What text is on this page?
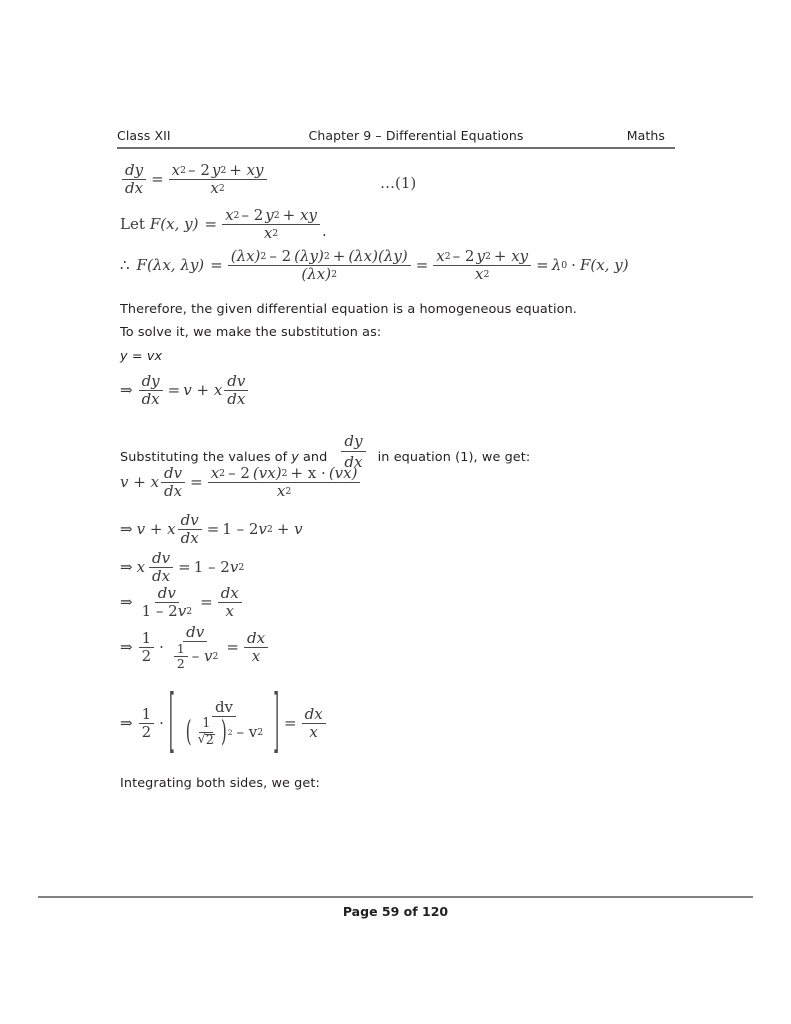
Class XII	Chapter 9 – Differential Equations	Maths
$\frac{dy}{dx} = \frac{x 2 - 2 y 2 + xy}{x 2}$	…(1)
Let F (x, $y) = \frac{x 2 - 2 y 2 + xy}{x 2}$ .
∴ F (λx, $\lambda y) = \frac{(\lambda x) 2 - 2 (\lambda y) 2 + (\lambda x)(\lambda y)}{(\lambda x) 2} = \frac{x 2 - 2 y 2 + xy}{x 2} = \lambda$ 0 · F (x, y)
Therefore, the given differential equation is a homogeneous equation.
To solve it, we make the substitution as:
y = vx
⇒ $\frac{dy}{dx} = v + x \frac{dv}{dx}$
Substituting the values of y and $\frac{dy}{dx}$ in equation (1), we get:
v + x $\frac{dv}{dx} = \frac{x 2 - 2 (vx) 2 + x \cdot (vx)}{x 2}$
⇒ v + x $\frac{dv}{dx} = 1 - 2$ v 2 + v
⇒ x $\frac{dv}{dx} = 1 - 2$ v 2
⇒ $\frac{dv}{1 - 2 v 2} = \frac{dx}{x}$
⇒ $\frac{1}{2} \cdot \frac{dv}{\frac{1}{2} - v 2} = \frac{dx}{x}$
⇒ $\frac{1}{2}$ · [	dv
( $\frac{1}{√ 2}$ ) 2 – v 2 ] = $\frac{dx}{x}$
Integrating both sides, we get:
Page 59 of 120
